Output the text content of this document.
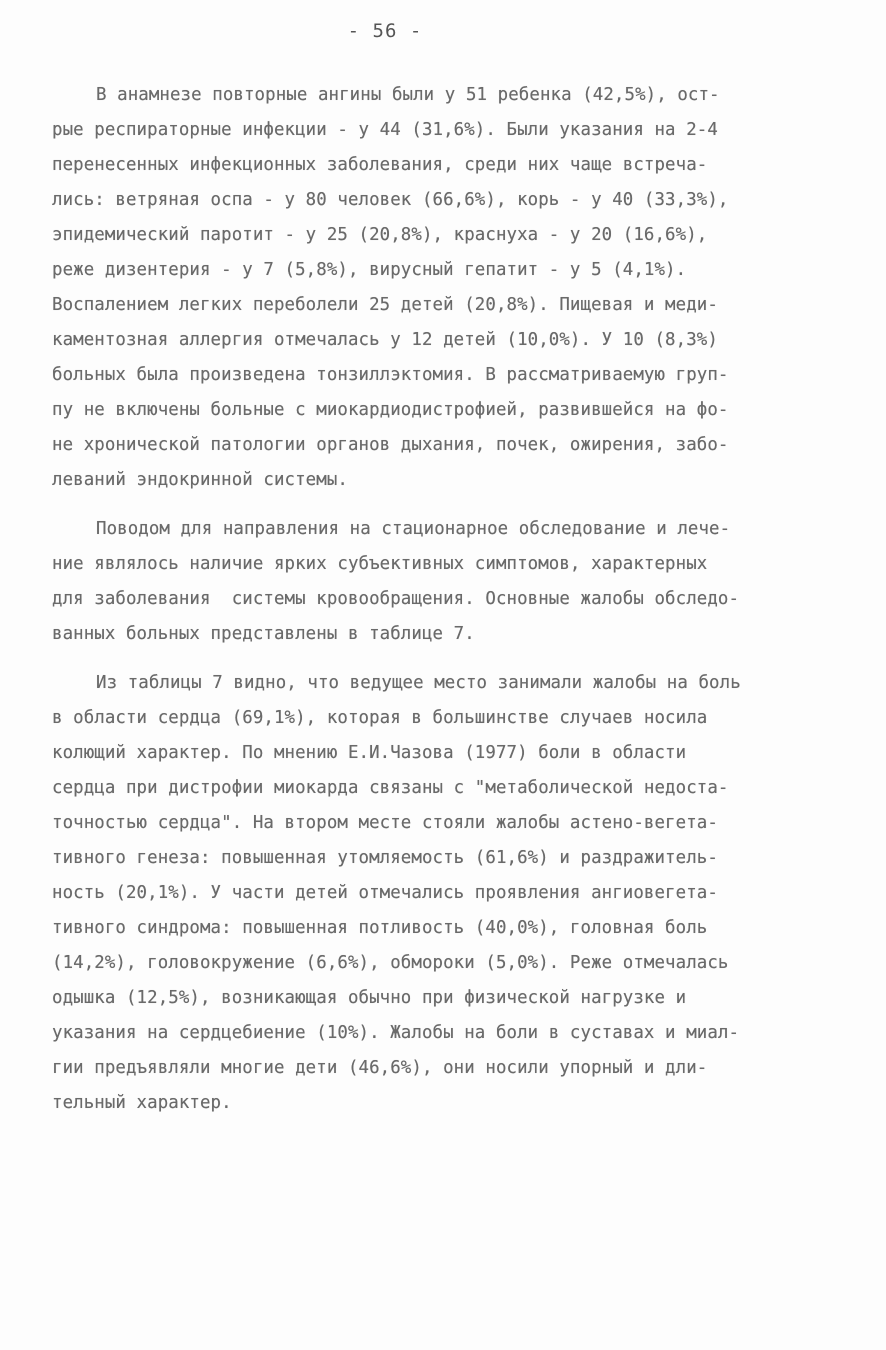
- 56 -
В анамнезе повторные ангины были у 51 ребенка (42,5%), ост-
рые респираторные инфекции - у 44 (31,6%). Были указания на 2-4
перенесенных инфекционных заболевания, среди них чаще встреча-
лись: ветряная оспа - у 80 человек (66,6%), корь - у 40 (33,3%),
эпидемический паротит - у 25 (20,8%), краснуха - у 20 (16,6%),
реже дизентерия - у 7 (5,8%), вирусный гепатит - у 5 (4,1%).
Воспалением легких переболели 25 детей (20,8%). Пищевая и меди-
каментозная аллергия отмечалась у 12 детей (10,0%). У 10 (8,3%)
больных была произведена тонзиллэктомия. В рассматриваемую груп-
пу не включены больные с миокардиодистрофией, развившейся на фо-
не хронической патологии органов дыхания, почек, ожирения, забо-
леваний эндокринной системы.
Поводом для направления на стационарное обследование и лече-
ние являлось наличие ярких субъективных симптомов, характерных
для заболевания  системы кровообращения. Основные жалобы обследо-
ванных больных представлены в таблице 7.
Из таблицы 7 видно, что ведущее место занимали жалобы на боль
в области сердца (69,1%), которая в большинстве случаев носила
колющий характер. По мнению Е.И.Чазова (1977) боли в области
сердца при дистрофии миокарда связаны с "метаболической недоста-
точностью сердца". На втором месте стояли жалобы астено-вегета-
тивного генеза: повышенная утомляемость (61,6%) и раздражитель-
ность (20,1%). У части детей отмечались проявления ангиовегета-
тивного синдрома: повышенная потливость (40,0%), головная боль
(14,2%), головокружение (6,6%), обмороки (5,0%). Реже отмечалась
одышка (12,5%), возникающая обычно при физической нагрузке и
указания на сердцебиение (10%). Жалобы на боли в суставах и миал-
гии предъявляли многие дети (46,6%), они носили упорный и дли-
тельный характер.
